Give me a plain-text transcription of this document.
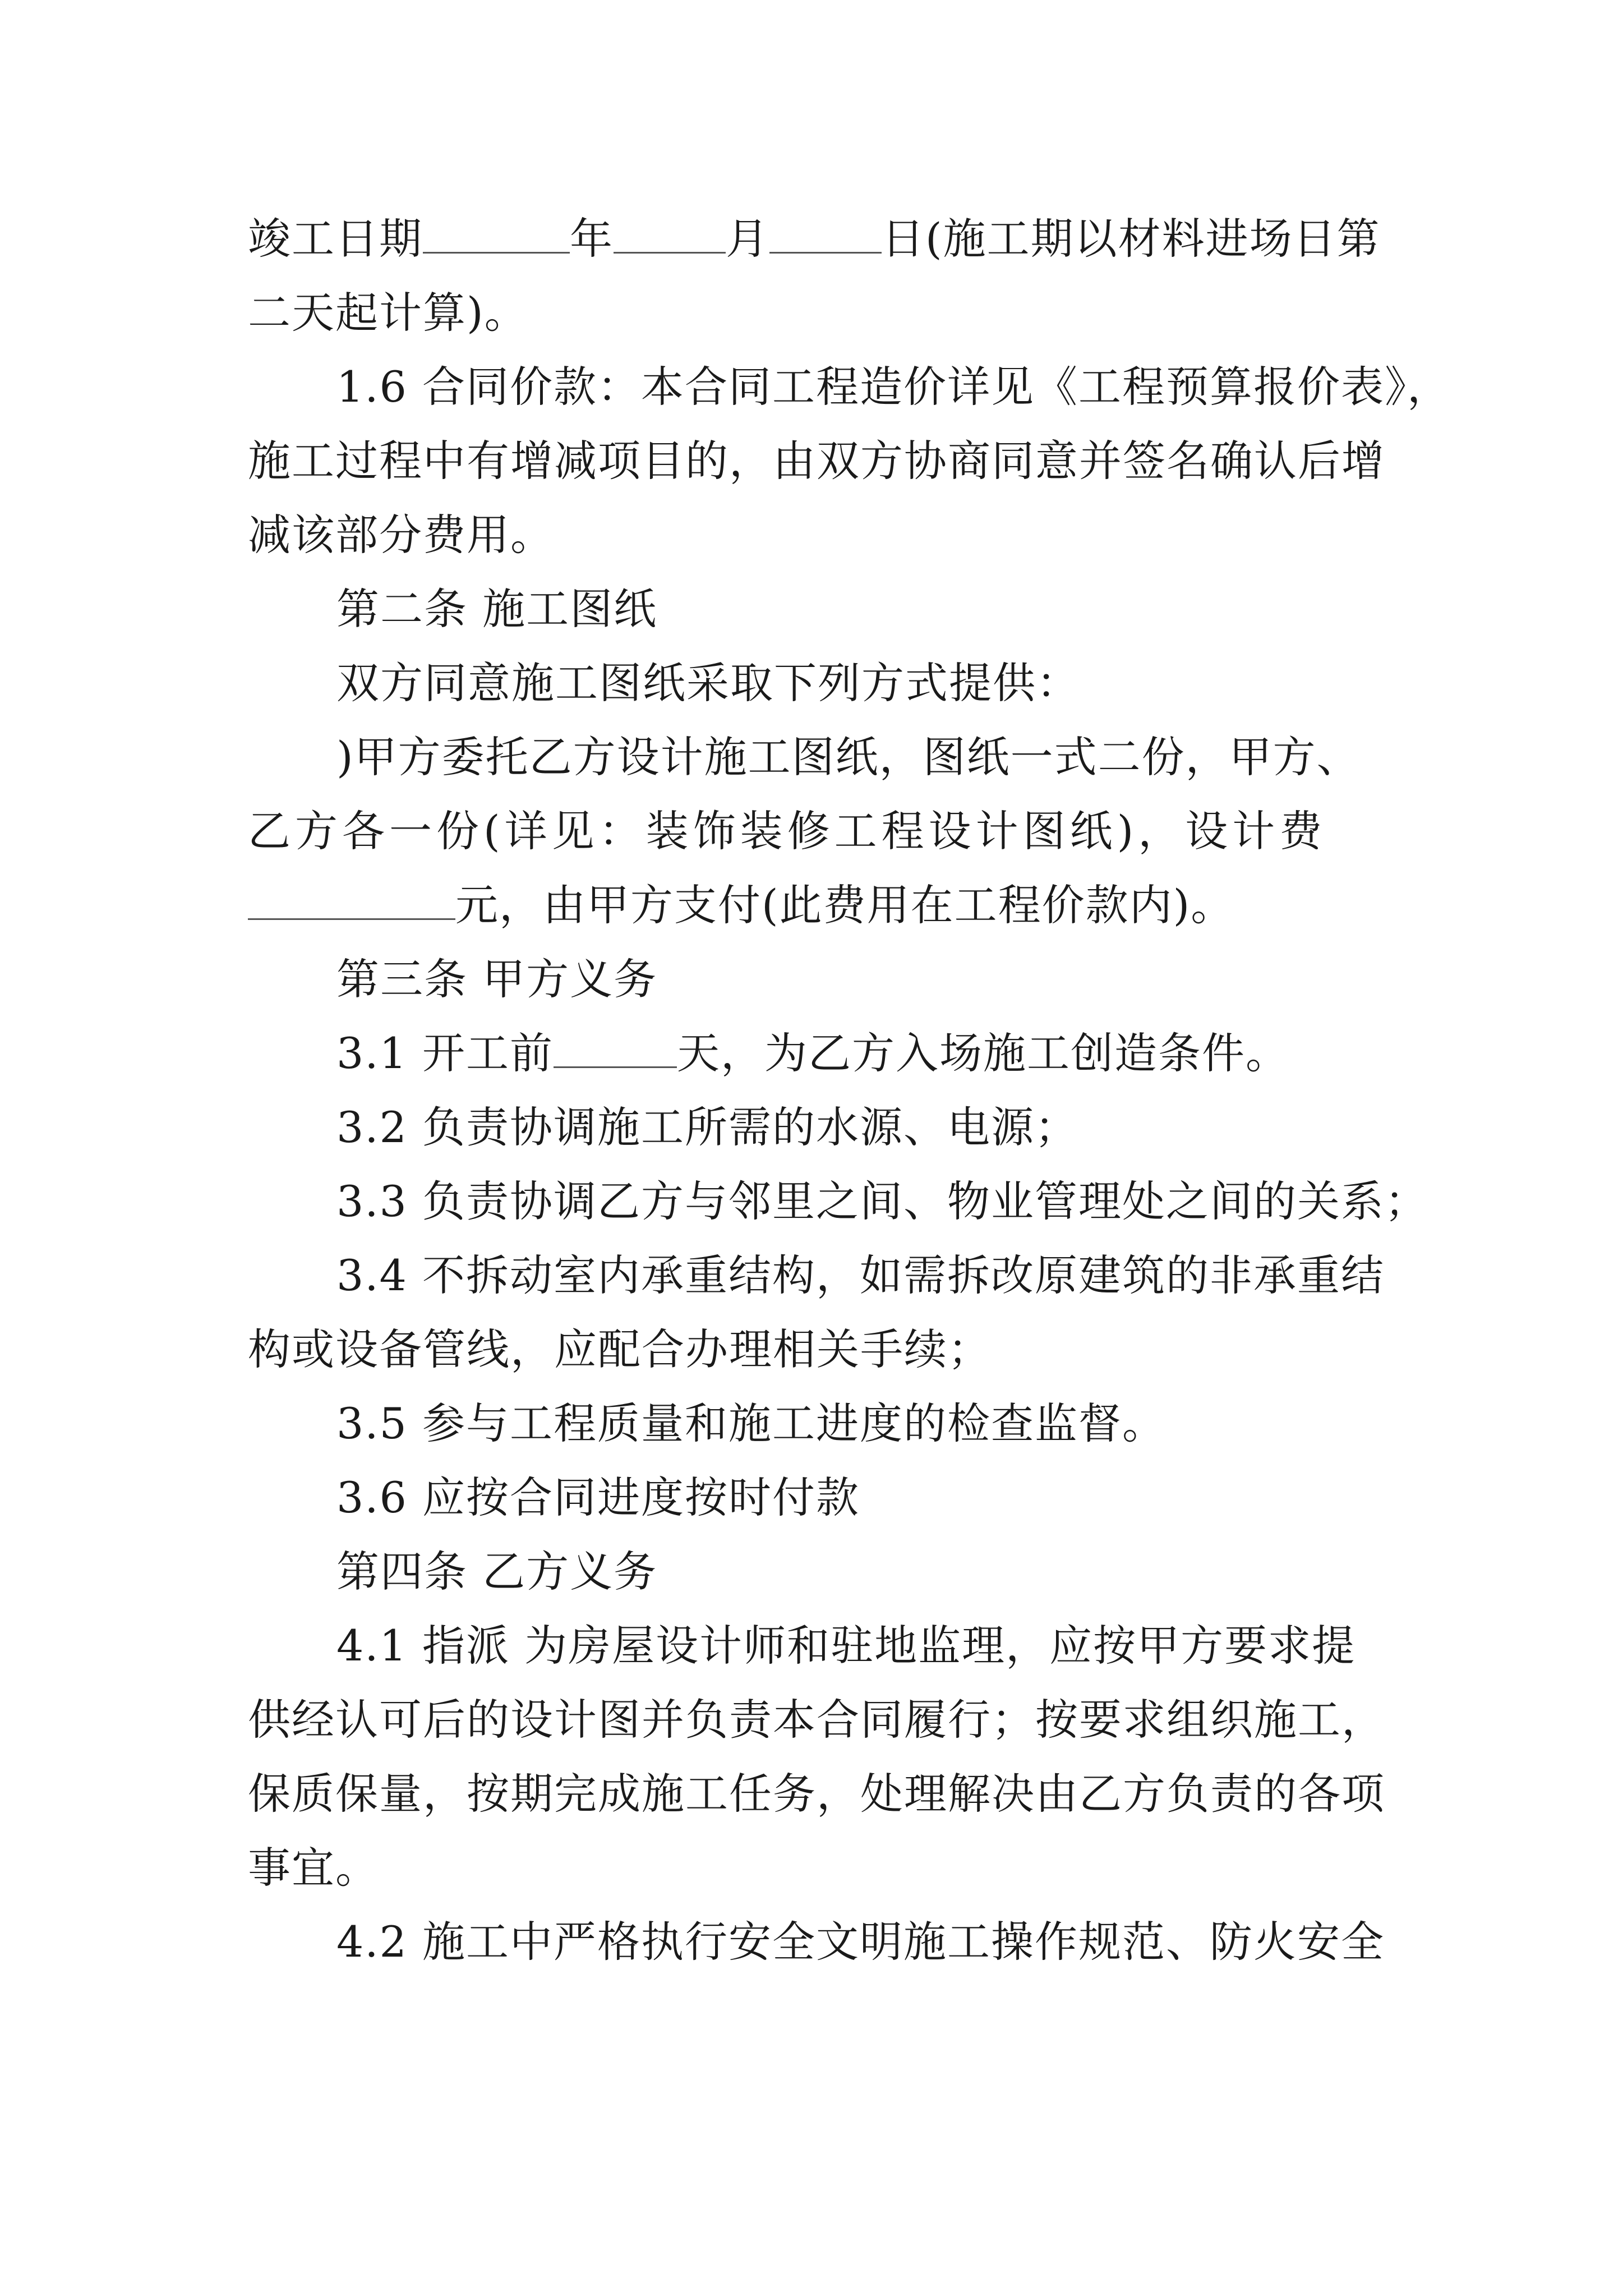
竣工日期	年	月	日(施工期以材料进场日第
二天起计算)。
1.6 合同价款：本合同工程造价详见《工程预算报价表》，
施工过程中有增减项目的，由双方协商同意并签名确认后增
减该部分费用。
第二条 施工图纸
双方同意施工图纸采取下列方式提供：
)甲方委托乙方设计施工图纸，图纸一式二份，甲方、
乙方各一份(详见：装饰装修工程设计图纸)，设计费
元，由甲方支付(此费用在工程价款内)。
第三条 甲方义务
3.1 开工前	天，为乙方入场施工创造条件。
3.2 负责协调施工所需的水源、电源；
3.3 负责协调乙方与邻里之间、物业管理处之间的关系；
3.4 不拆动室内承重结构，如需拆改原建筑的非承重结
构或设备管线，应配合办理相关手续；
3.5 参与工程质量和施工进度的检查监督。
3.6 应按合同进度按时付款
第四条 乙方义务
4.1 指派 为房屋设计师和驻地监理，应按甲方要求提
供经认可后的设计图并负责本合同履行；按要求组织施工，
保质保量，按期完成施工任务，处理解决由乙方负责的各项
事宜。
4.2 施工中严格执行安全文明施工操作规范、防火安全
